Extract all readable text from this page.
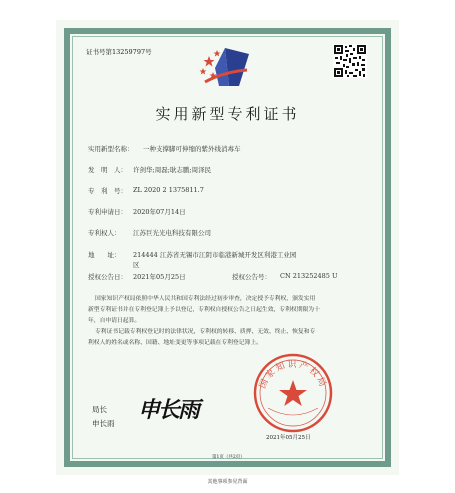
证书号第13259797号
实用新型专利证书
实用新型名称： 一种支撑脚可伸缩的紫外线消毒车
发　明　人： 许剑华;周磊;耿志鹏;周泽民
专　利　号： ZL 2020 2 1375811.7
专利申请日： 2020年07月14日
专利权人： 江苏巨光光电科技有限公司
地　　址： 214444 江苏省无锡市江阴市临港新城开发区利港工业园
区
授权公告日： 2021年05月25日	授权公告号： CN 213252485 U
国家知识产权局依照中华人民共和国专利法经过初步审查，决定授予专利权，颁发实用
新型专利证书并在专利登记簿上予以登记，专利权自授权公告之日起生效，专利权期限为十
年，自申请日起算。
专利证书记载专利权登记时的法律状况，专利权的转移、质押、无效、终止、恢复和专
利权人的姓名或名称、国籍、地址变更等事项记载在专利登记簿上。
局长
申长雨
申长雨
国家知识产权局
2021年05月25日
第1页（共2页）
其他事项参见背面
